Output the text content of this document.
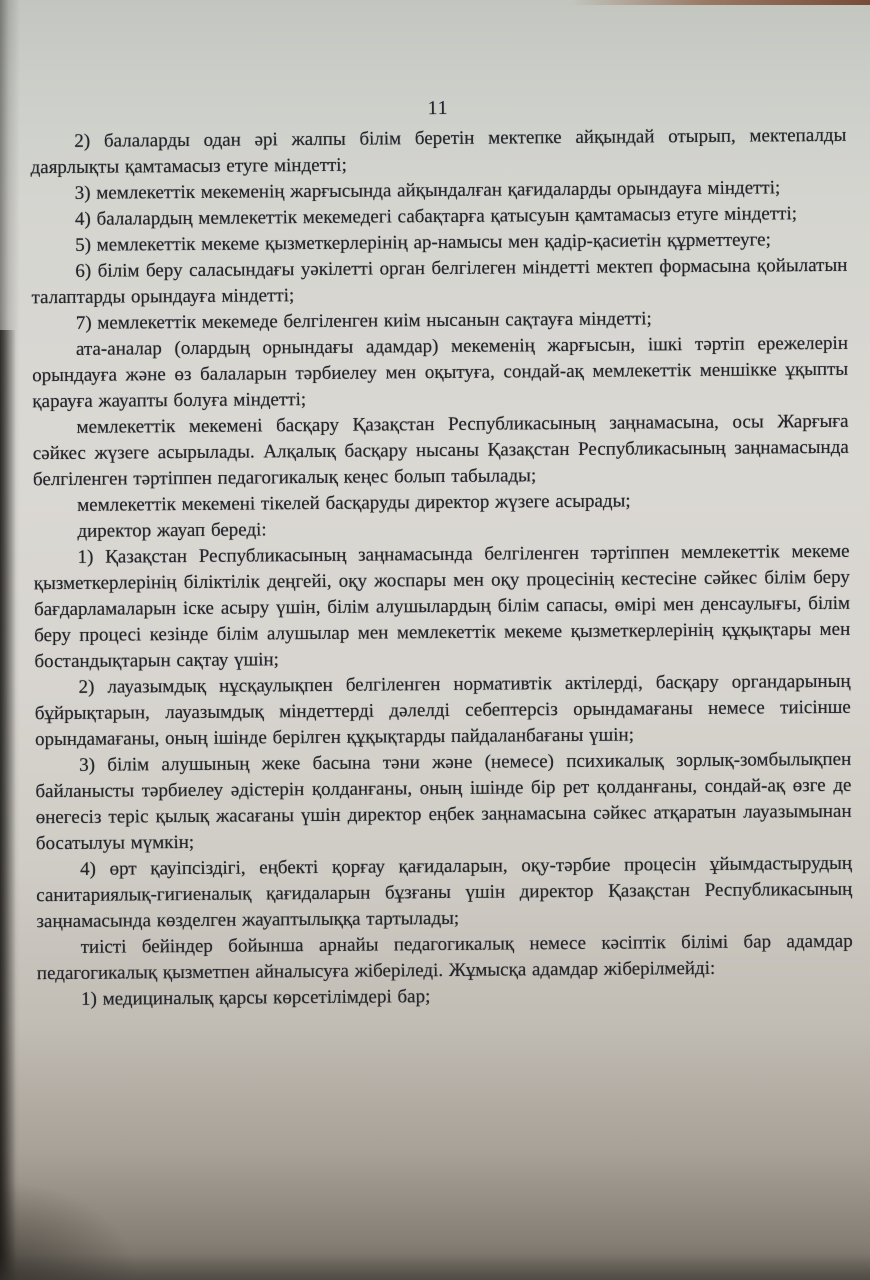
11

2) балаларды одан әрі жалпы білім беретін мектепке айқындай отырып, мектепалды даярлықты қамтамасыз етуге міндетті;

3) мемлекеттік мекеменің жарғысында айқындалған қағидаларды орындауға міндетті;

4) балалардың мемлекеттік мекемедегі сабақтарға қатысуын қамтамасыз етуге міндетті;

5) мемлекеттік мекеме қызметкерлерінің ар-намысы мен қадір-қасиетін құрметтеуге;

6) білім беру саласындағы уәкілетті орган белгілеген міндетті мектеп формасына қойылатын талаптарды орындауға міндетті;

7) мемлекеттік мекемеде белгіленген киім нысанын сақтауға міндетті;

ата-аналар (олардың орнындағы адамдар) мекеменің жарғысын, ішкі тәртіп ережелерін орындауға және өз балаларын тәрбиелеу мен оқытуға, сондай-ақ мемлекеттік меншікке ұқыпты қарауға жауапты болуға міндетті;

мемлекеттік мекемені басқару Қазақстан Республикасының заңнамасына, осы Жарғыға сәйкес жүзеге асырылады. Алқалық басқару нысаны Қазақстан Республикасының заңнамасында белгіленген тәртіппен педагогикалық кеңес болып табылады;

мемлекеттік мекемені тікелей басқаруды директор жүзеге асырады;

директор жауап береді:

1) Қазақстан Республикасының заңнамасында белгіленген тәртіппен мемлекеттік мекеме қызметкерлерінің біліктілік деңгейі, оқу жоспары мен оқу процесінің кестесіне сәйкес білім беру бағдарламаларын іске асыру үшін, білім алушылардың білім сапасы, өмірі мен денсаулығы, білім беру процесі кезінде білім алушылар мен мемлекеттік мекеме қызметкерлерінің құқықтары мен бостандықтарын сақтау үшін;

2) лауазымдық нұсқаулықпен белгіленген нормативтік актілерді, басқару органдарының бұйрықтарын, лауазымдық міндеттерді дәлелді себептерсіз орындамағаны немесе тиісінше орындамағаны, оның ішінде берілген құқықтарды пайдаланбағаны үшін;

3) білім алушының жеке басына тәни және (немесе) психикалық зорлық-зомбылықпен байланысты тәрбиелеу әдістерін қолданғаны, оның ішінде бір рет қолданғаны, сондай-ақ өзге де өнегесіз теріс қылық жасағаны үшін директор еңбек заңнамасына сәйкес атқаратын лауазымынан босатылуы мүмкін;

4) өрт қауіпсіздігі, еңбекті қорғау қағидаларын, оқу-тәрбие процесін ұйымдастырудың санитариялық-гигиеналық қағидаларын бұзғаны үшін директор Қазақстан Республикасының заңнамасында көзделген жауаптылыққа тартылады;

тиісті бейіндер бойынша арнайы педагогикалық немесе кәсіптік білімі бар адамдар педагогикалық қызметпен айналысуға жіберіледі. Жұмысқа адамдар жіберілмейді:

1) медициналық қарсы көрсетілімдері бар;
